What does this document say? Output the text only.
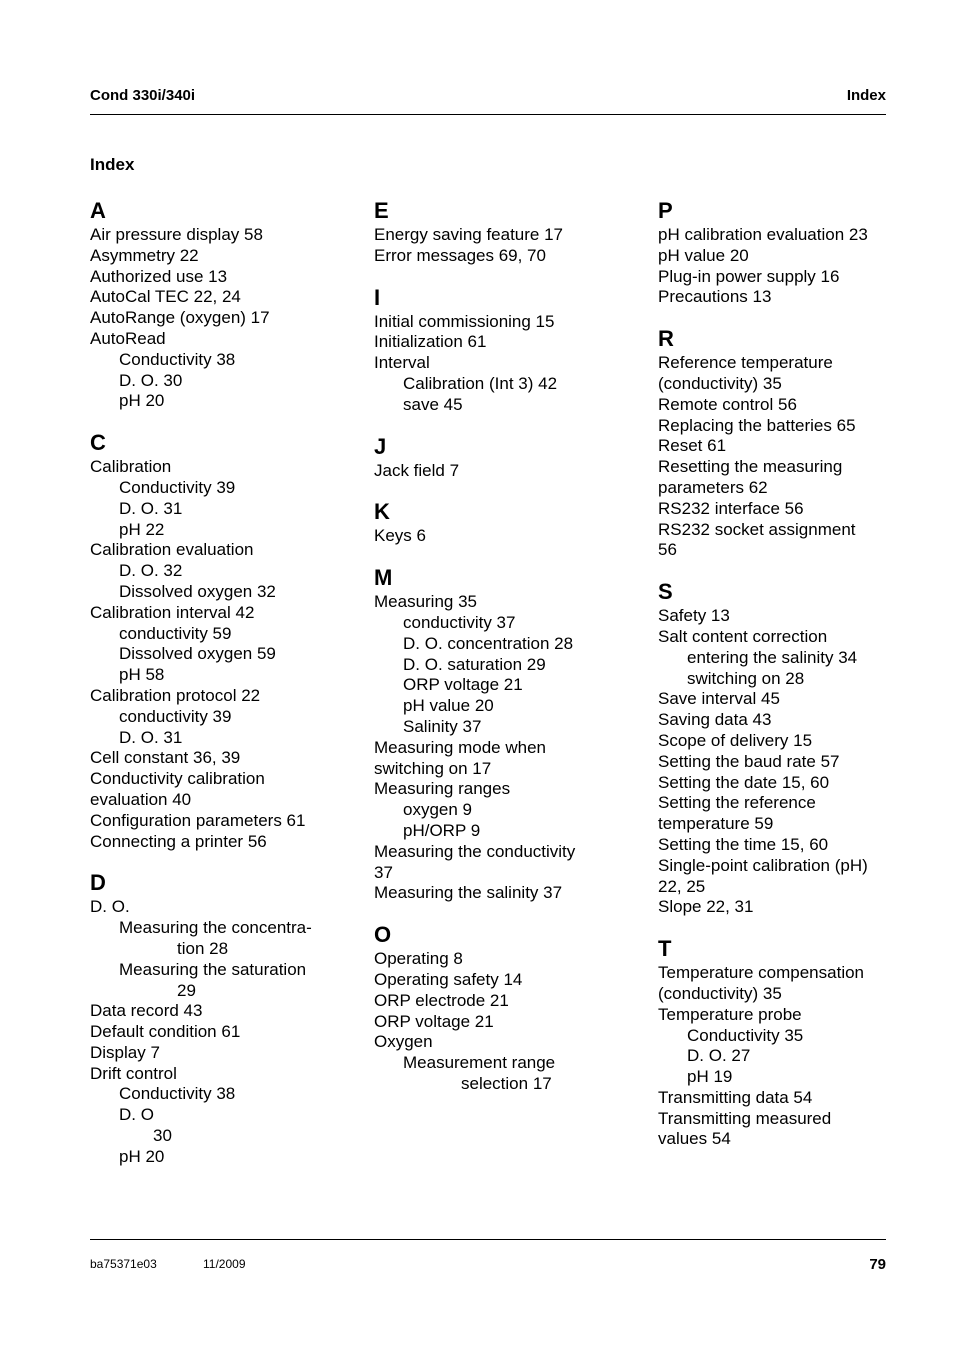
Cond 330i/340i	Index
Index
A
Air pressure display 58
Asymmetry 22
Authorized use 13
AutoCal TEC 22, 24
AutoRange (oxygen) 17
AutoRead
Conductivity 38
D. O. 30
pH 20
C
Calibration
Conductivity 39
D. O. 31
pH 22
Calibration evaluation
D. O. 32
Dissolved oxygen 32
Calibration interval 42
conductivity 59
Dissolved oxygen 59
pH 58
Calibration protocol 22
conductivity 39
D. O. 31
Cell constant 36, 39
Conductivity calibration
evaluation 40
Configuration parameters 61
Connecting a printer 56
D
D. O.
Measuring the concentra-
tion 28
Measuring the saturation
29
Data record 43
Default condition 61
Display 7
Drift control
Conductivity 38
D. O
30
pH 20
E
Energy saving feature 17
Error messages 69, 70
I
Initial commissioning 15
Initialization 61
Interval
Calibration (Int 3) 42
save 45
J
Jack field 7
K
Keys 6
M
Measuring 35
conductivity 37
D. O. concentration 28
D. O. saturation 29
ORP voltage 21
pH value 20
Salinity 37
Measuring mode when
switching on 17
Measuring ranges
oxygen 9
pH/ORP 9
Measuring the conductivity
37
Measuring the salinity 37
O
Operating 8
Operating safety 14
ORP electrode 21
ORP voltage 21
Oxygen
Measurement range
selection 17
P
pH calibration evaluation 23
pH value 20
Plug-in power supply 16
Precautions 13
R
Reference temperature
(conductivity) 35
Remote control 56
Replacing the batteries 65
Reset 61
Resetting the measuring
parameters 62
RS232 interface 56
RS232 socket assignment
56
S
Safety 13
Salt content correction
entering the salinity 34
switching on 28
Save interval 45
Saving data 43
Scope of delivery 15
Setting the baud rate 57
Setting the date 15, 60
Setting the reference
temperature 59
Setting the time 15, 60
Single-point calibration (pH)
22, 25
Slope 22, 31
T
Temperature compensation
(conductivity) 35
Temperature probe
Conductivity 35
D. O. 27
pH 19
Transmitting data 54
Transmitting measured
values 54
ba75371e03	11/2009	79
